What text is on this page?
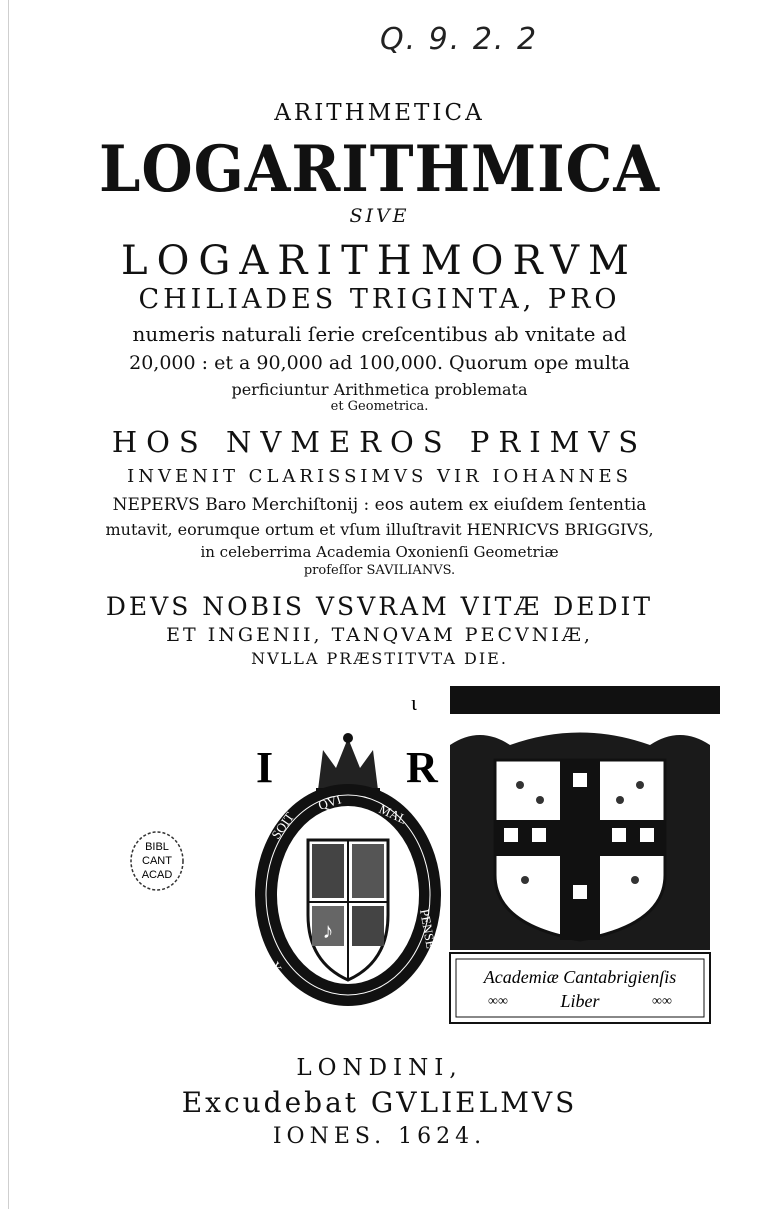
Q. 9. 2. 2
ARITHMETICA
LOGARITHMICA
SIVE
LOGARITHMORVM
CHILIADES TRIGINTA, PRO
numeris naturali ſerie creſcentibus ab vnitate ad
20,000 : et a 90,000 ad 100,000. Quorum ope multa
perficiuntur Arithmetica problemata
et Geometrica.
HOS NVMEROS PRIMVS
INVENIT CLARISSIMVS VIR IOHANNES
NEPERVS Baro Merchiſtonij : eos autem ex eiuſdem ſententia
mutavit, eorumque ortum et vſum illuſtravit HENRICVS BRIGGIVS,
in celeberrima Academia Oxonienſi Geometriæ
profeſſor SAVILIANVS.
DEVS NOBIS VSVRAM VITÆ DEDIT
ET INGENII, TANQVAM PECVNIÆ,
NVLLA PRÆSTITVTA DIE.
ɩ
I	R
SOIT
QVI	MAL
Y
PENSE
♪
Academiæ Cantabrigienſis
Liber
∞∞	∞∞
BIBL
CANT
ACAD
LONDINI,
Excudebat GVLIELMVS
IONES. 1624.
